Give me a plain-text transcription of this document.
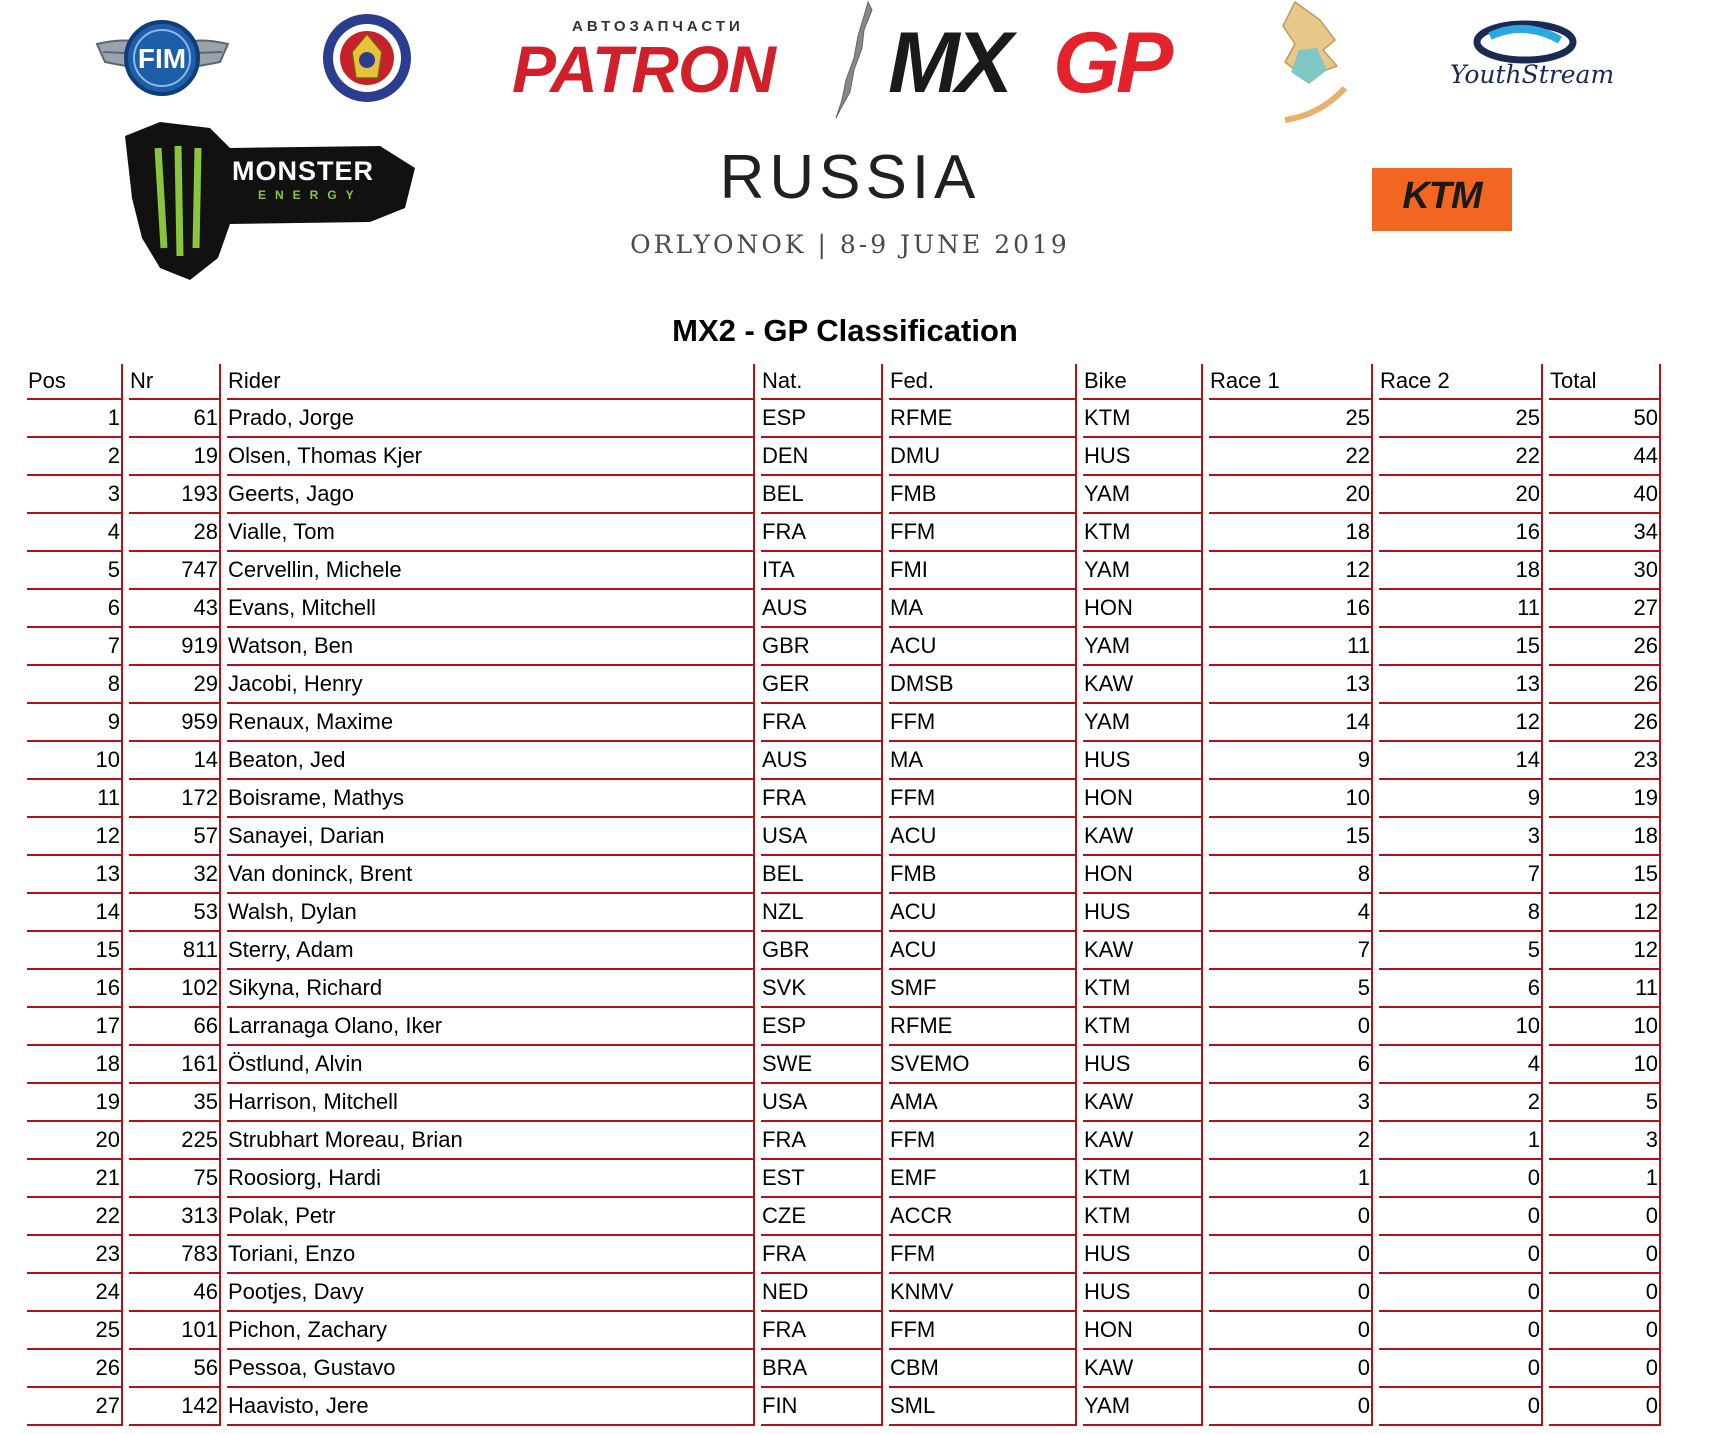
FIM
АВТОЗАПЧАСТИ
PATRON MX GP	YouthStream
MONSTER
ENERGY	RUSSIA
ORLYONOK | 8-9 JUNE 2019
KTM
MX2 - GP Classification
Pos	Nr	Rider	Nat.	Fed.	Bike	Race 1	Race 2	Total
1	61	Prado, Jorge	ESP	RFME	KTM	25	25	50
2	19	Olsen, Thomas Kjer	DEN	DMU	HUS	22	22	44
3	193	Geerts, Jago	BEL	FMB	YAM	20	20	40
4	28	Vialle, Tom	FRA	FFM	KTM	18	16	34
5	747	Cervellin, Michele	ITA	FMI	YAM	12	18	30
6	43	Evans, Mitchell	AUS	MA	HON	16	11	27
7	919	Watson, Ben	GBR	ACU	YAM	11	15	26
8	29	Jacobi, Henry	GER	DMSB	KAW	13	13	26
9	959	Renaux, Maxime	FRA	FFM	YAM	14	12	26
10	14	Beaton, Jed	AUS	MA	HUS	9	14	23
11	172	Boisrame, Mathys	FRA	FFM	HON	10	9	19
12	57	Sanayei, Darian	USA	ACU	KAW	15	3	18
13	32	Van doninck, Brent	BEL	FMB	HON	8	7	15
14	53	Walsh, Dylan	NZL	ACU	HUS	4	8	12
15	811	Sterry, Adam	GBR	ACU	KAW	7	5	12
16	102	Sikyna, Richard	SVK	SMF	KTM	5	6	11
17	66	Larranaga Olano, Iker	ESP	RFME	KTM	0	10	10
18	161	Östlund, Alvin	SWE	SVEMO	HUS	6	4	10
19	35	Harrison, Mitchell	USA	AMA	KAW	3	2	5
20	225	Strubhart Moreau, Brian	FRA	FFM	KAW	2	1	3
21	75	Roosiorg, Hardi	EST	EMF	KTM	1	0	1
22	313	Polak, Petr	CZE	ACCR	KTM	0	0	0
23	783	Toriani, Enzo	FRA	FFM	HUS	0	0	0
24	46	Pootjes, Davy	NED	KNMV	HUS	0	0	0
25	101	Pichon, Zachary	FRA	FFM	HON	0	0	0
26	56	Pessoa, Gustavo	BRA	CBM	KAW	0	0	0
27	142	Haavisto, Jere	FIN	SML	YAM	0	0	0
